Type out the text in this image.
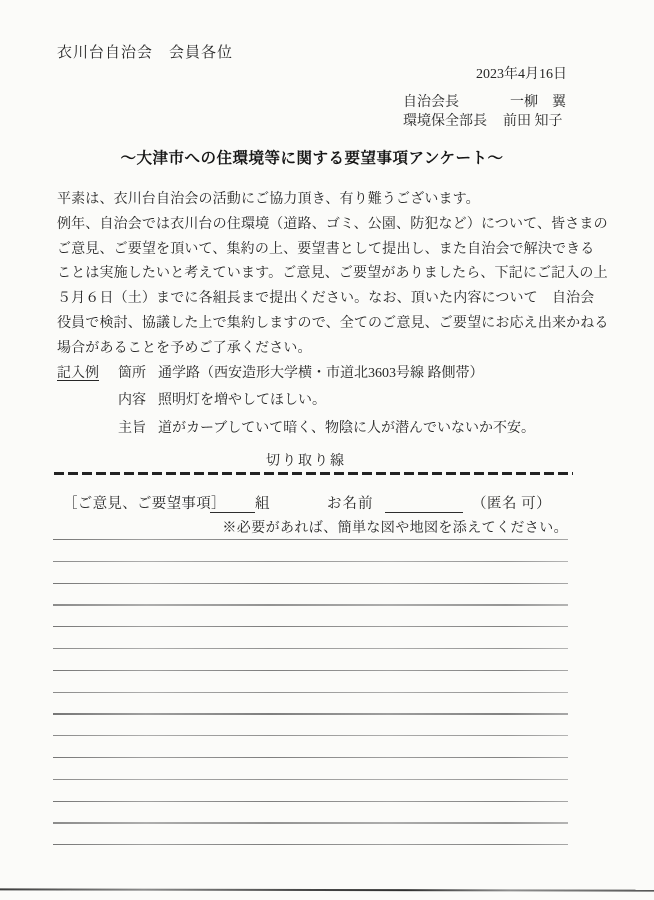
衣川台自治会　会員各位
2023年4月16日
自治会長	一柳　翼
環境保全部長 前田 知子
～大津市への住環境等に関する要望事項アンケート～
平素は、衣川台自治会の活動にご協力頂き、有り難うございます。
例年、自治会では衣川台の住環境（道路、ゴミ、公園、防犯など）について、皆さまの
ご意見、ご要望を頂いて、集約の上、要望書として提出し、また自治会で解決できる
ことは実施したいと考えています。ご意見、ご要望がありましたら、下記にご記入の上
５月６日（土）までに各組長まで提出ください。なお、頂いた内容について　自治会
役員で検討、協議した上で集約しますので、全てのご意見、ご要望にお応え出来かねる
場合があることを予めご了承ください。
記入例 箇所 通学路（西安造形大学横・市道北3603号線 路側帯）
内容 照明灯を増やしてほしい。
主旨 道がカーブしていて暗く、物陰に人が潜んでいないか不安。
切り取り線
［ご意見、ご要望事項］ 組	お名前	（匿名 可）
※必要があれば、簡単な図や地図を添えてください。
